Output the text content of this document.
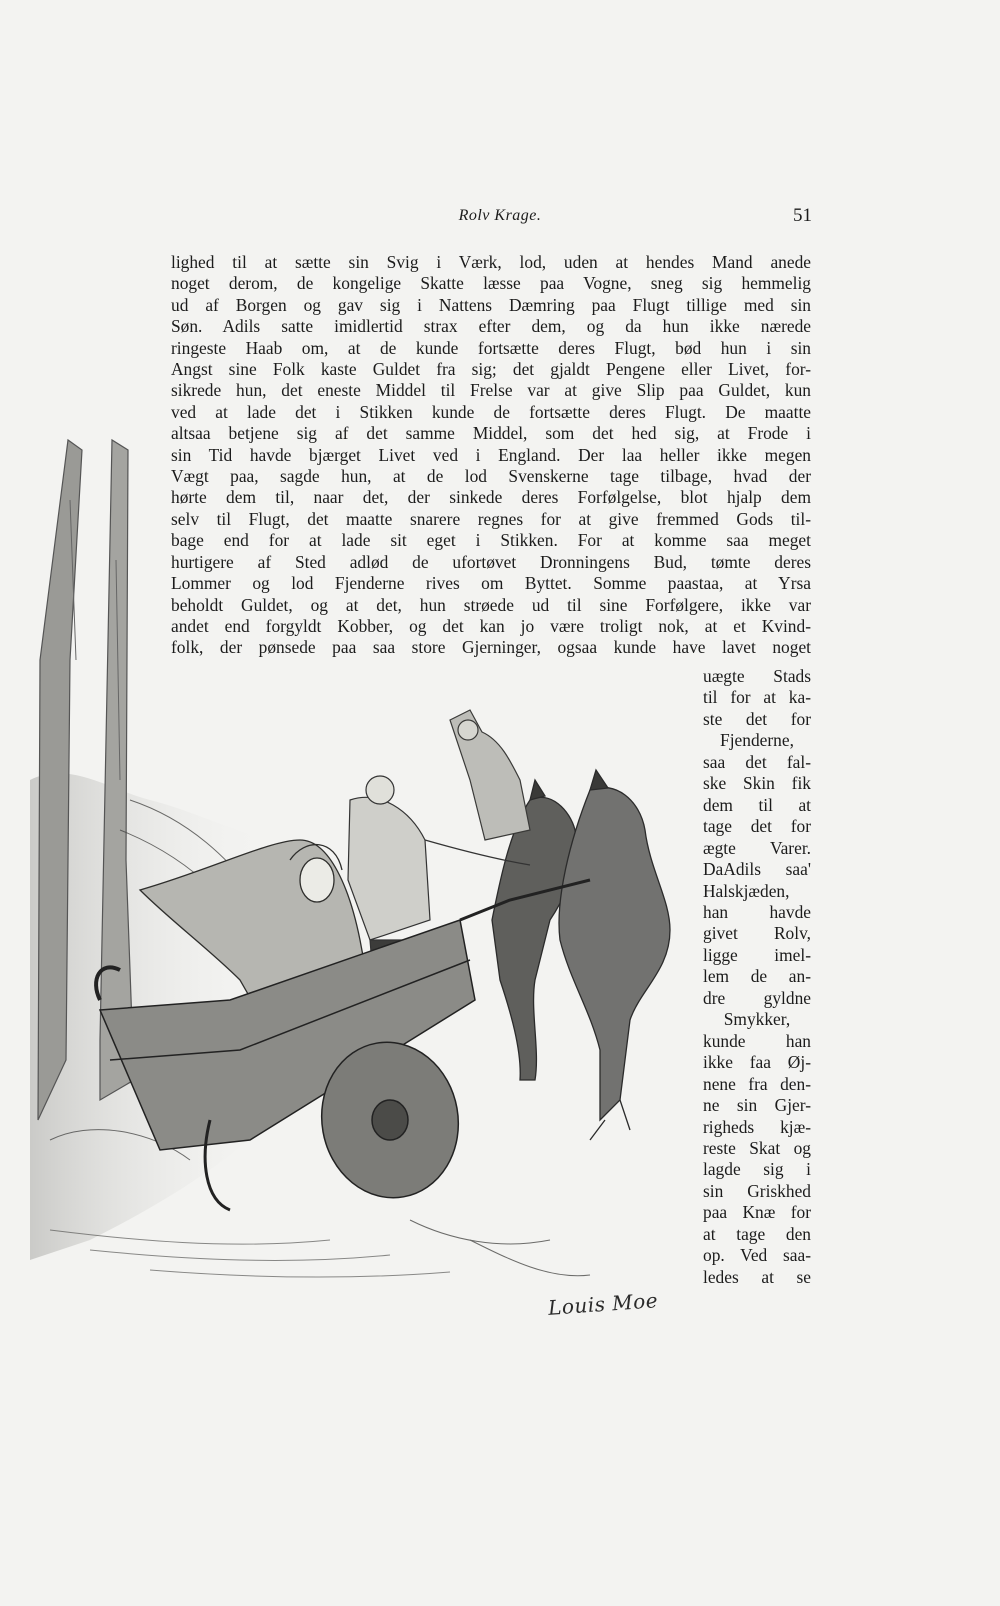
Rolv Krage.	51
lighed til at sætte sin Svig i Værk, lod, uden at hendes Mand anede
noget derom, de kongelige Skatte læsse paa Vogne, sneg sig hemmelig
ud af Borgen og gav sig i Nattens Dæmring paa Flugt tillige med sin
Søn. Adils satte imidlertid strax efter dem, og da hun ikke nærede
ringeste Haab om, at de kunde fortsætte deres Flugt, bød hun i sin
Angst sine Folk kaste Guldet fra sig; det gjaldt Pengene eller Livet, for-
sikrede hun, det eneste Middel til Frelse var at give Slip paa Guldet, kun
ved at lade det i Stikken kunde de fortsætte deres Flugt. De maatte
altsaa betjene sig af det samme Middel, som det hed sig, at Frode i
sin Tid havde bjærget Livet ved i England. Der laa heller ikke megen
Vægt paa, sagde hun, at de lod Svenskerne tage tilbage, hvad der
hørte dem til, naar det, der sinkede deres Forfølgelse, blot hjalp dem
selv til Flugt, det maatte snarere regnes for at give fremmed Gods til-
bage end for at lade sit eget i Stikken. For at komme saa meget
hurtigere af Sted adlød de ufortøvet Dronningens Bud, tømte deres
Lommer og lod Fjenderne rives om Byttet. Somme paastaa, at Yrsa
beholdt Guldet, og at det, hun strøede ud til sine Forfølgere, ikke var
andet end forgyldt Kobber, og det kan jo være troligt nok, at et Kvind-
folk, der pønsede paa saa store Gjerninger, ogsaa kunde have lavet noget
Louis Moe
uægte Stads
til for at ka-
ste det for
Fjenderne,
saa det fal-
ske Skin fik
dem til at
tage det for
ægte Varer.
DaAdils saa'
Halskjæden,
han havde
givet Rolv,
ligge imel-
lem de an-
dre gyldne
Smykker,
kunde han
ikke faa Øj-
nene fra den-
ne sin Gjer-
righeds kjæ-
reste Skat og
lagde sig i
sin Griskhed
paa Knæ for
at tage den
op. Ved saa-
ledes at se
